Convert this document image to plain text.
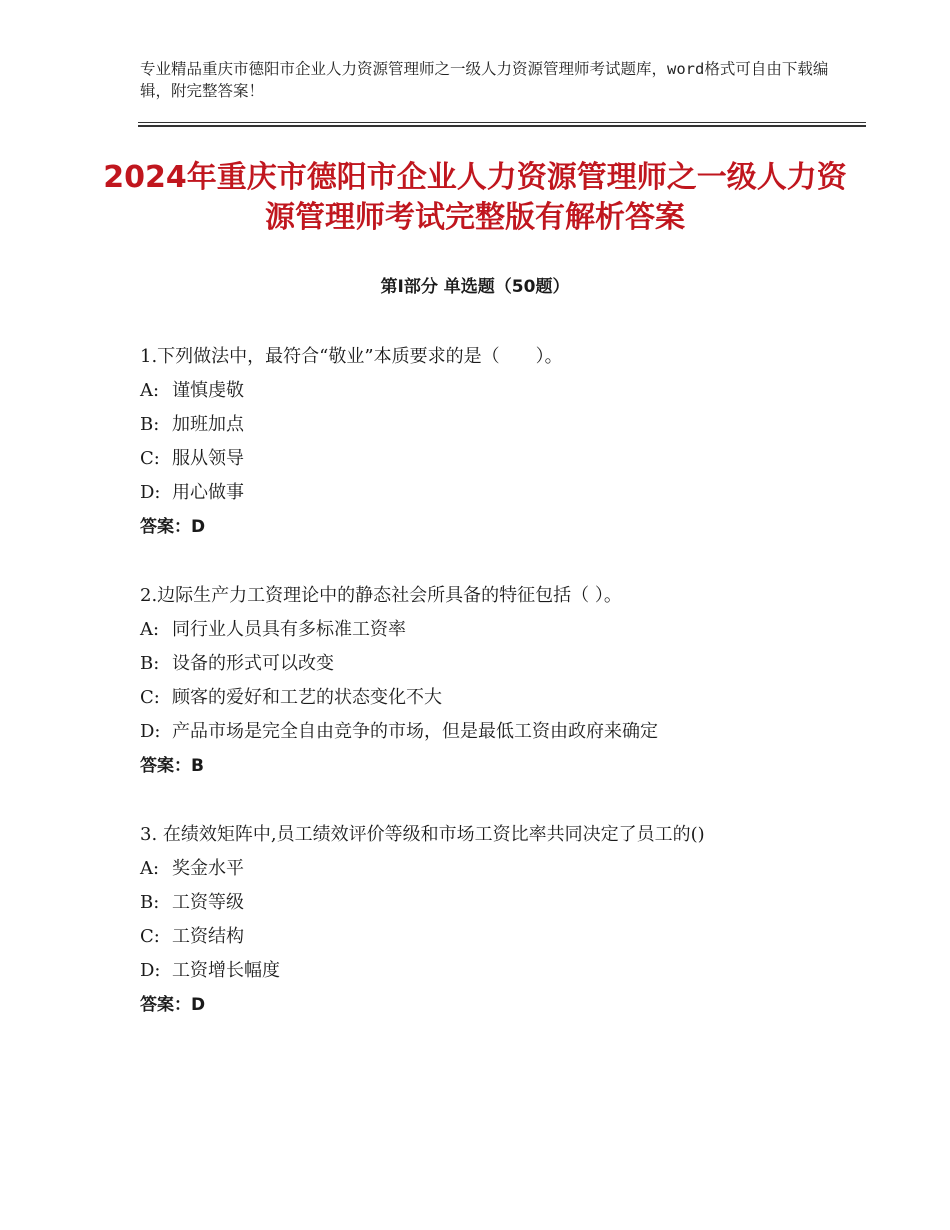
专业精品重庆市德阳市企业人力资源管理师之一级人力资源管理师考试题库，word格式可自由下载编辑，附完整答案！
2024年重庆市德阳市企业人力资源管理师之一级人力资源管理师考试完整版有解析答案
第Ⅰ部分 单选题（50题）
1.下列做法中，最符合“敬业”本质要求的是（　　）。
A: 谨慎虔敬
B: 加班加点
C: 服从领导
D: 用心做事
答案：D
2.边际生产力工资理论中的静态社会所具备的特征包括（ ）。
A: 同行业人员具有多标准工资率
B: 设备的形式可以改变
C: 顾客的爱好和工艺的状态变化不大
D: 产品市场是完全自由竞争的市场，但是最低工资由政府来确定
答案：B
3. 在绩效矩阵中,员工绩效评价等级和市场工资比率共同决定了员工的()
A: 奖金水平
B: 工资等级
C: 工资结构
D: 工资增长幅度
答案：D
